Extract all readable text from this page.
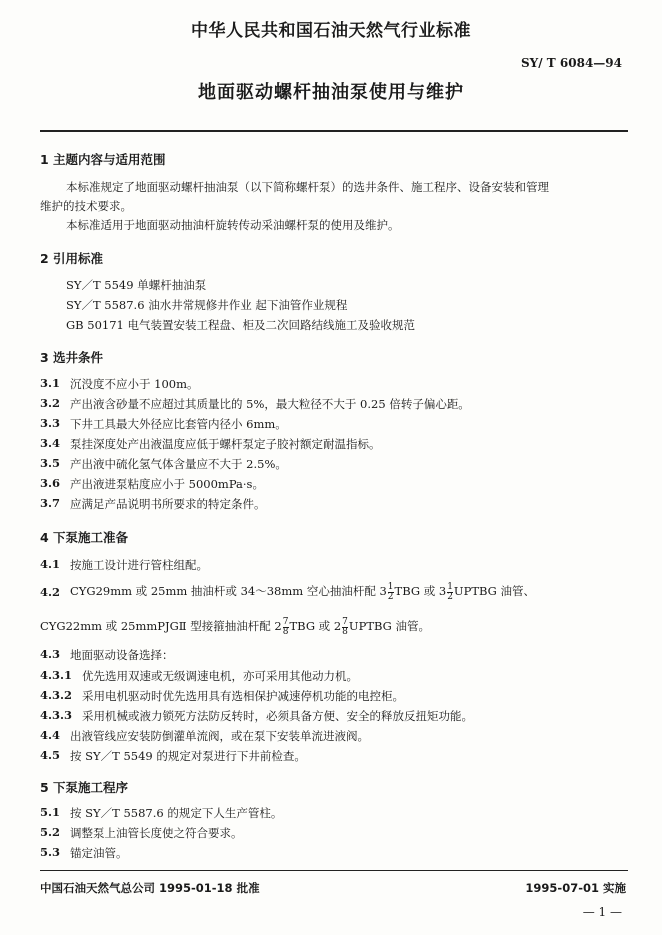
中华人民共和国石油天然气行业标准
SY/ T 6084—94
地面驱动螺杆抽油泵使用与维护
1 主题内容与适用范围
本标准规定了地面驱动螺杆抽油泵（以下简称螺杆泵）的选井条件、施工程序、设备安装和管理
维护的技术要求。
本标准适用于地面驱动抽油杆旋转传动采油螺杆泵的使用及维护。
2 引用标准
SY／T 5549 单螺杆抽油泵
SY／T 5587.6 油水井常规修井作业 起下油管作业规程
GB 50171 电气装置安装工程盘、柜及二次回路结线施工及验收规范
3 选井条件
3.1 沉没度不应小于 100m。
3.2 产出液含砂量不应超过其质量比的 5%，最大粒径不大于 0.25 倍转子偏心距。
3.3 下井工具最大外径应比套管内径小 6mm。
3.4 泵挂深度处产出液温度应低于螺杆泵定子胶衬额定耐温指标。
3.5 产出液中硫化氢气体含量应不大于 2.5%。
3.6 产出液进泵粘度应小于 5000mPa·s。
3.7 应满足产品说明书所要求的特定条件。
4 下泵施工准备
4.1 按施工设计进行管柱组配。
4.2 CYG29mm 或 25mm 抽油杆或 34～38mm 空心抽油杆配 $3 \frac{1}{2}$ TBG 或 $3 \frac{1}{2}$ UPTBG 油管、
CYG22mm 或 25mmPJGⅡ 型接箍抽油杆配 $2 \frac{7}{8}$ TBG 或 $2 \frac{7}{8}$ UPTBG 油管。
4.3 地面驱动设备选择：
4.3.1 优先选用双速或无级调速电机，亦可采用其他动力机。
4.3.2 采用电机驱动时优先选用具有选相保护减速停机功能的电控柜。
4.3.3 采用机械或液力锁死方法防反转时，必须具备方便、安全的释放反扭矩功能。
4.4 出液管线应安装防倒灌单流阀，或在泵下安装单流进液阀。
4.5 按 SY／T 5549 的规定对泵进行下井前检查。
5 下泵施工程序
5.1 按 SY／T 5587.6 的规定下人生产管柱。
5.2 调整泵上油管长度使之符合要求。
5.3 锚定油管。
中国石油天然气总公司 1995-01-18 批准	1995-07-01 实施
— 1 —
